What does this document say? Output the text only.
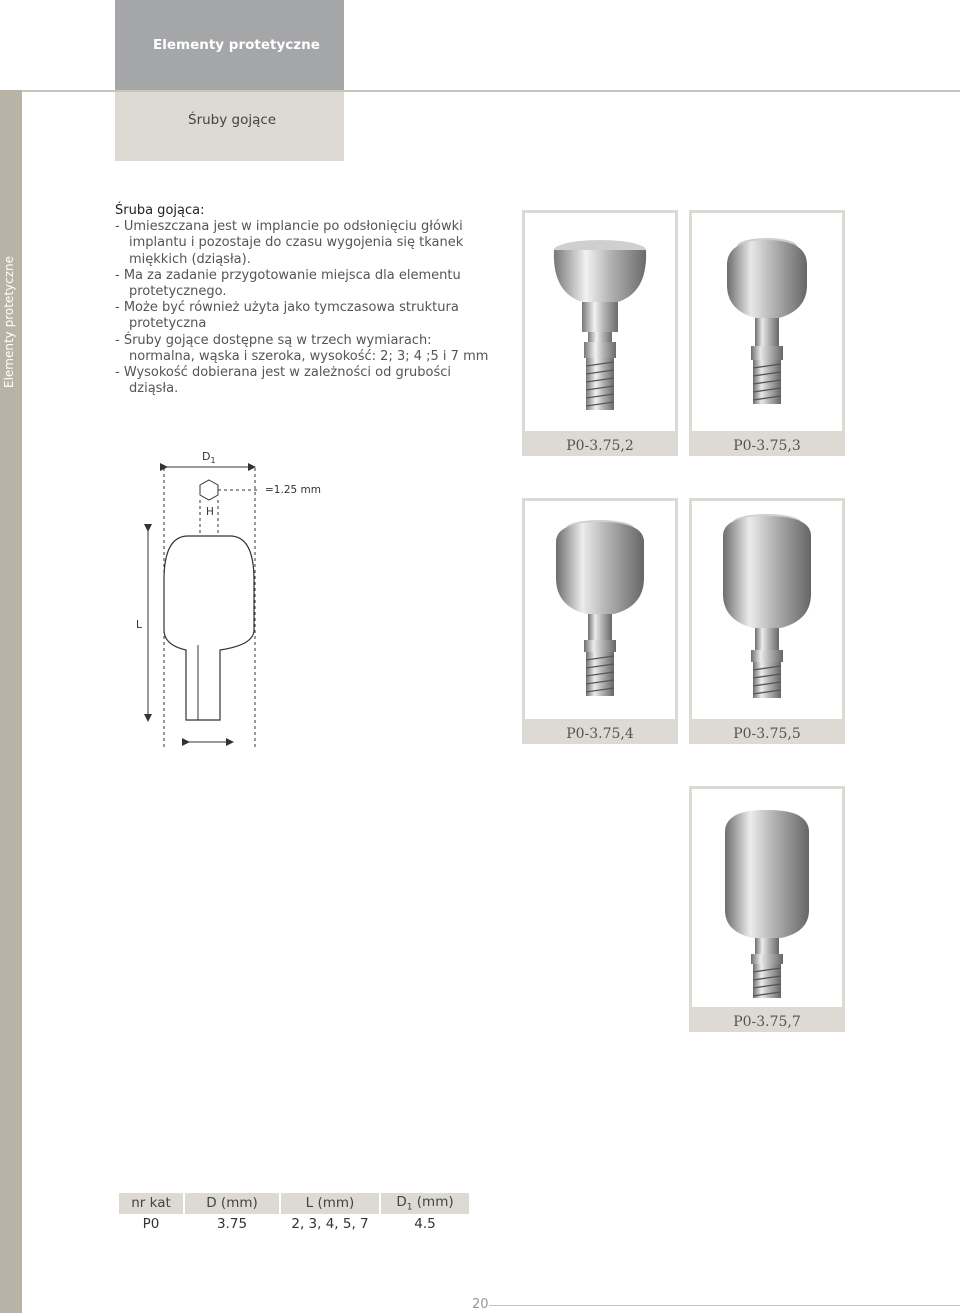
Elementy protetyczne
Elementy protetyczne
Śruby gojące
Śruba gojąca:
- Umieszczana jest w implancie po odsłonięciu główki implantu i pozostaje do czasu wygojenia się tkanek miękkich (dziąsła).
- Ma za zadanie przygotowanie miejsca dla elementu protetycznego.
- Może być również użyta jako tymczasowa struktura protetyczna
- Śruby gojące dostępne są w trzech wymiarach: normalna, wąska i szeroka, wysokość: 2; 3; 4 ;5 i 7 mm
- Wysokość dobierana jest w zależności od grubości dziąsła.
$D_1$
=1.25 mm
H
L
P0-3.75,2	P0-3.75,3
P0-3.75,4	P0-3.75,5
P0-3.75,7
nr kat	D (mm)	L (mm)	$D_1$ (mm)
P0	3.75	2, 3, 4, 5, 7	4.5
20
